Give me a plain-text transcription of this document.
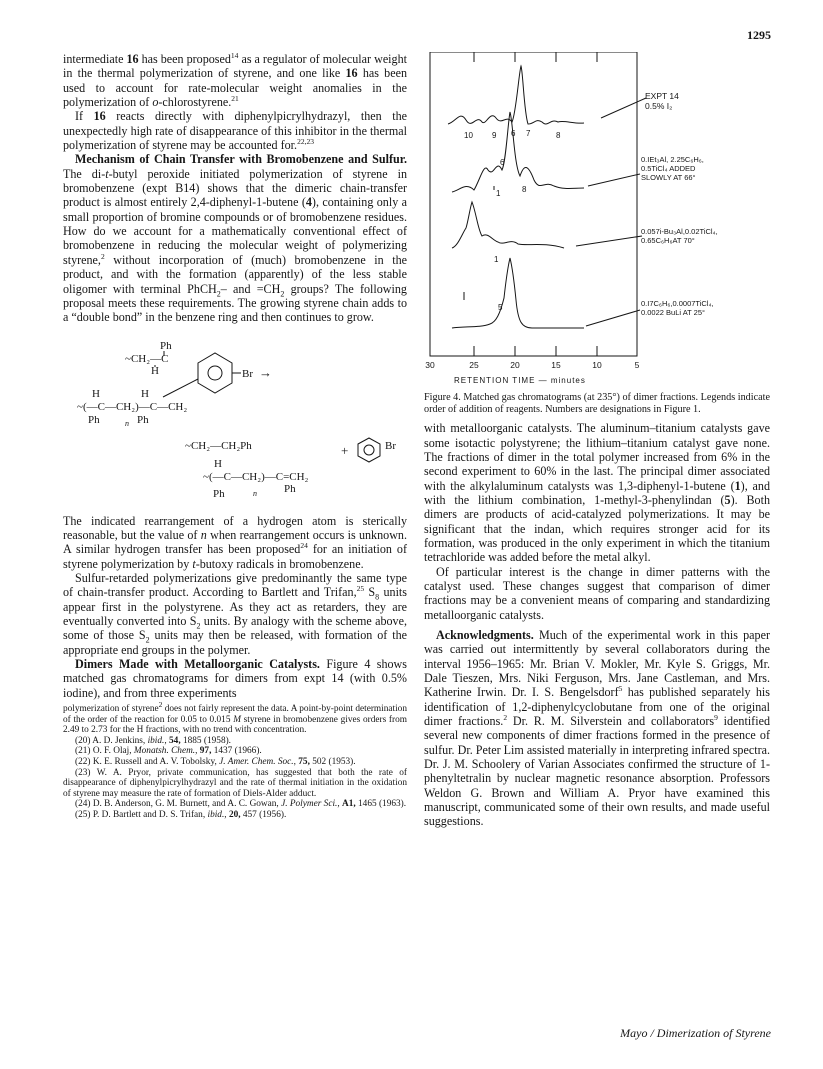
1295

intermediate 16 has been proposed$^{14}$ as a regulator of molecular weight in the thermal polymerization of styrene, and one like 16 has been used to account for rate-molecular weight anomalies in the polymerization of o-chlorostyrene.$^{21}$

If 16 reacts directly with diphenylpicrylhydrazyl, then the unexpectedly high rate of disappearance of this inhibitor in the thermal polymerization of styrene may be accounted for.$^{22,23}$

Mechanism of Chain Transfer with Bromobenzene and Sulfur. The di-t-butyl peroxide initiated polymerization of styrene in bromobenzene (expt B14) shows that the dimeric chain-transfer product is almost entirely 2,4-diphenyl-1-butene (4), containing only a small proportion of bromine compounds or of bromobenzene residues. How do we account for a mathematically conventional effect of bromobenzene in reducing the molecular weight of polymerizing styrene,$^2$ without incorporation of (much) bromobenzene in the product, and with the formation (apparently) of the less stable oligomer with terminal PhCH$_2$– and $=CH_2$ groups? The following proposal meets these requirements. The growing styrene chain adds to a “double bond” in the benzene ring and then continues to grow.

Ph
~CH₂—C
H	Br →
H	H
~(—C—CH₂)—C—CH₂
Ph	Ph
n
~CH₂—CH₂Ph	+	Br
H
~(—C—CH₂)—C=CH₂
Ph
Ph	n

The indicated rearrangement of a hydrogen atom is sterically reasonable, but the value of n when rearrangement occurs is unknown. A similar hydrogen transfer has been proposed$^{24}$ for an initiation of styrene polymerization by t-butoxy radicals in bromobenzene.

Sulfur-retarded polymerizations give predominantly the same type of chain-transfer product. According to Bartlett and Trifan,$^{25}$ $S_8$ units appear first in the polystyrene. As they act as retarders, they are eventually converted into $S_2$ units. By analogy with the scheme above, some of those $S_2$ units may then be released, with formation of the appropriate end groups in the polymer.

Dimers Made with Metalloorganic Catalysts. Figure 4 shows matched gas chromatograms for dimers from expt 14 (with 0.5% iodine), and from three experiments

polymerization of styrene$^2$ does not fairly represent the data. A point-by-point determination of the order of the reaction for 0.05 to 0.015 M styrene in bromobenzene gives orders from 2.49 to 2.73 for the H fractions, with no trend with concentration.

(20) A. D. Jenkins, ibid., 54, 1885 (1958).

(21) O. F. Olaj, Monatsh. Chem., 97, 1437 (1966).

(22) K. E. Russell and A. V. Tobolsky, J. Amer. Chem. Soc., 75, 502 (1953).

(23) W. A. Pryor, private communication, has suggested that both the rate of disappearance of diphenylpicrylhydrazyl and the rate of thermal initiation in the oxidation of styrene may measure the rate of formation of Diels-Alder adduct.

(24) D. B. Anderson, G. M. Burnett, and A. C. Gowan, J. Polymer Sci., A1, 1465 (1963).

(25) P. D. Bartlett and D. S. Trifan, ibid., 20, 457 (1956).

EXPT 14
0.5% I₂
0.IEt₃Al, 2.25C₆H₆,
0.5TiCl₄ ADDED
SLOWLY AT 66°
0.057i-Bu₃Al,0.02TiCl₄,
0.65C₆H₆AT 70°
0.I7C₆H₆,0.0007TiCl₄,
0.0022 BuLi AT 25°
10 9 6 7	8
6
1	8
1
5
30	25	20	15	10	5
RETENTION TIME — minutes

Figure 4. Matched gas chromatograms (at 235°) of dimer fractions. Legends indicate order of addition of reagents. Numbers are designations in Figure 1.

with metalloorganic catalysts. The aluminum–titanium catalysts gave some isotactic polystyrene; the lithium–titanium catalyst gave none. The fractions of dimer in the total polymer increased from 6% in the second experiment to 60% in the last. The principal dimer associated with the alkylaluminum catalysts was 1,3-diphenyl-1-butene (1), and with the lithium combination, 1-methyl-3-phenylindan (5). Both dimers are products of acid-catalyzed polymerizations. It may be significant that the indan, which requires stronger acid for its formation, was produced in the only experiment in which the titanium tetrachloride was added before the metal alkyl.

Of particular interest is the change in dimer patterns with the catalyst used. These changes suggest that comparison of dimer fractions may be a convenient means of comparing and standardizing metalloorganic catalysts.

Acknowledgments. Much of the experimental work in this paper was carried out intermittently by several collaborators during the interval 1956–1965: Mr. Brian V. Mokler, Mr. Kyle S. Griggs, Mr. Dale Tieszen, Mrs. Niki Ferguson, Mrs. Jane Castleman, and Mrs. Katherine Irwin. Dr. I. S. Bengelsdorf$^5$ has published separately his identification of 1,2-diphenylcyclobutane from one of the original dimer fractions.$^2$ Dr. R. M. Silverstein and collaborators$^9$ identified several new components of dimer fractions formed in the presence of sulfur. Dr. Peter Lim assisted materially in interpreting infrared spectra. Dr. J. M. Schoolery of Varian Associates confirmed the structure of 1-phenyltetralin by nuclear magnetic resonance absorption. Professors Weldon G. Brown and William A. Pryor have examined this manuscript, communicated some of their own results, and made useful suggestions.

Mayo / Dimerization of Styrene
